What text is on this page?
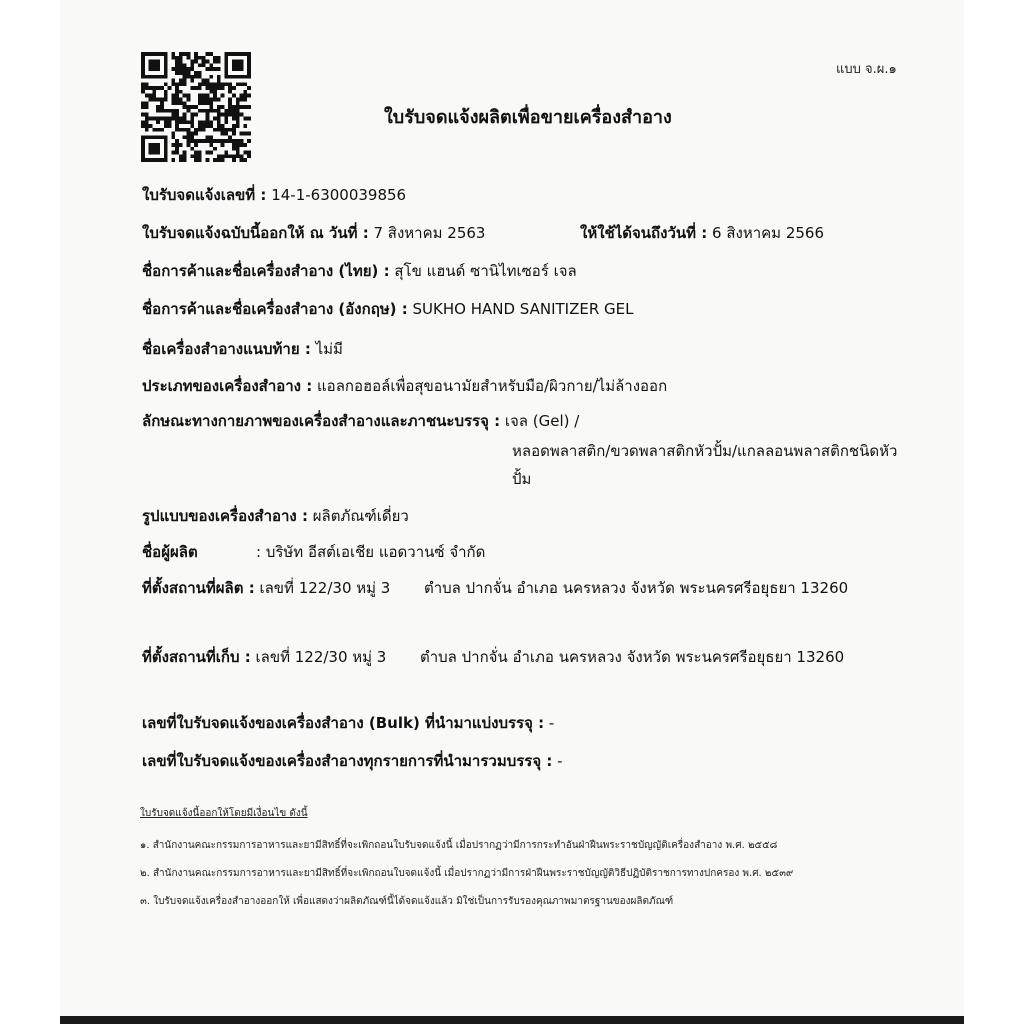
แบบ จ.ผ.๑
ใบรับจดแจ้งผลิตเพื่อขายเครื่องสำอาง
ใบรับจดแจ้งเลขที่ : 14-1-6300039856
ใบรับจดแจ้งฉบับนี้ออกให้ ณ วันที่ : 7 สิงหาคม 2563	ให้ใช้ได้จนถึงวันที่ : 6 สิงหาคม 2566
ชื่อการค้าและชื่อเครื่องสำอาง (ไทย) : สุโข แฮนด์ ซานิไทเซอร์ เจล
ชื่อการค้าและชื่อเครื่องสำอาง (อังกฤษ) : SUKHO HAND SANITIZER GEL
ชื่อเครื่องสำอางแนบท้าย : ไม่มี
ประเภทของเครื่องสำอาง : แอลกอฮอล์เพื่อสุขอนามัยสำหรับมือ/ผิวกาย/ไม่ล้างออก
ลักษณะทางกายภาพของเครื่องสำอางและภาชนะบรรจุ : เจล (Gel) /
หลอดพลาสติก/ขวดพลาสติกหัวปั้ม/แกลลอนพลาสติกชนิดหัว
ปั้ม
รูปแบบของเครื่องสำอาง : ผลิตภัณฑ์เดี่ยว
ชื่อผู้ผลิต	: บริษัท อีสต์เอเชีย แอดวานซ์ จำกัด
ที่ตั้งสถานที่ผลิต : เลขที่ 122/30 หมู่ 3 ตำบล ปากจั่น อำเภอ นครหลวง จังหวัด พระนครศรีอยุธยา 13260
ที่ตั้งสถานที่เก็บ : เลขที่ 122/30 หมู่ 3 ตำบล ปากจั่น อำเภอ นครหลวง จังหวัด พระนครศรีอยุธยา 13260
เลขที่ใบรับจดแจ้งของเครื่องสำอาง (Bulk) ที่นำมาแบ่งบรรจุ : -
เลขที่ใบรับจดแจ้งของเครื่องสำอางทุกรายการที่นำมารวมบรรจุ : -
ใบรับจดแจ้งนี้ออกให้โดยมีเงื่อนไข ดังนี้
๑. สำนักงานคณะกรรมการอาหารและยามีสิทธิ์ที่จะเพิกถอนใบรับจดแจ้งนี้ เมื่อปรากฏว่ามีการกระทำอันฝ่าฝืนพระราชบัญญัติเครื่องสำอาง พ.ศ. ๒๕๕๘
๒. สำนักงานคณะกรรมการอาหารและยามีสิทธิ์ที่จะเพิกถอนใบจดแจ้งนี้ เมื่อปรากฏว่ามีการฝ่าฝืนพระราชบัญญัติวิธีปฏิบัติราชการทางปกครอง พ.ศ. ๒๕๓๙
๓. ใบรับจดแจ้งเครื่องสำอางออกให้ เพื่อแสดงว่าผลิตภัณฑ์นี้ได้จดแจ้งแล้ว มิใช่เป็นการรับรองคุณภาพมาตรฐานของผลิตภัณฑ์
